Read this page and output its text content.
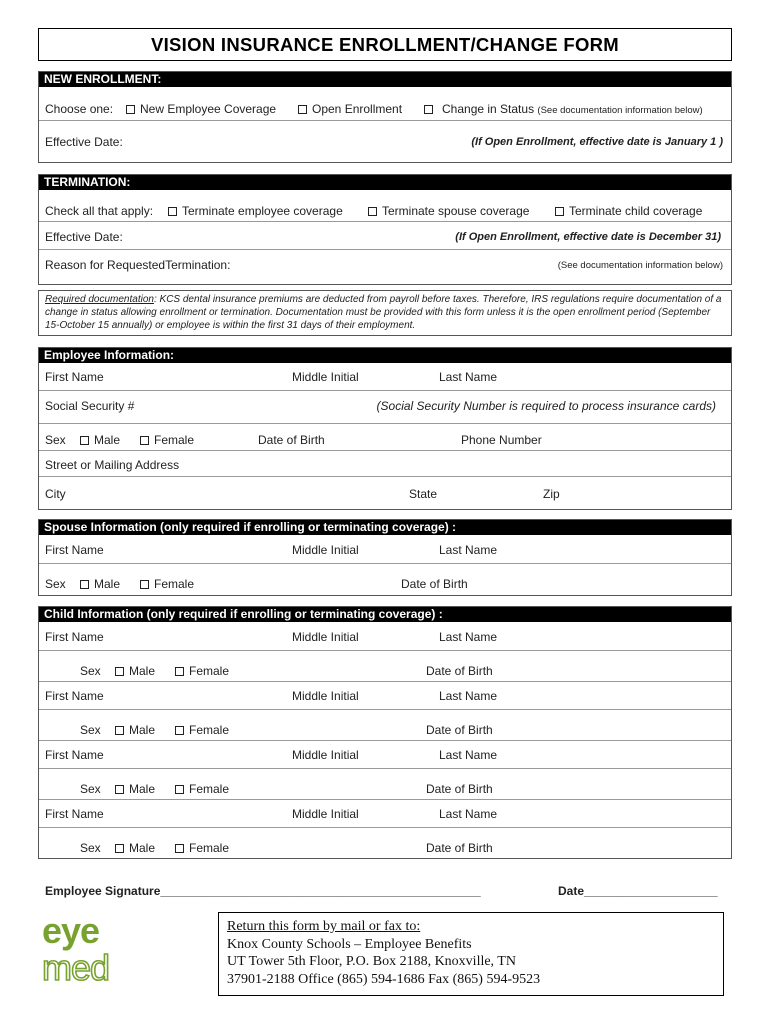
VISION INSURANCE ENROLLMENT/CHANGE FORM
NEW ENROLLMENT:
Choose one:	New Employee Coverage	Open Enrollment	Change in Status (See documentation information below)
Effective Date:	(If Open Enrollment, effective date is January 1 )
TERMINATION:
Check all that apply:	Terminate employee coverage	Terminate spouse coverage	Terminate child coverage
Effective Date:	(If Open Enrollment, effective date is December 31)
Reason for RequestedTermination:	(See documentation information below)
Required documentation: KCS dental insurance premiums are deducted from payroll before taxes. Therefore, IRS regulations require documentation of a change in status allowing enrollment or termination. Documentation must be provided with this form unless it is the open enrollment period (September 15-October 15 annually) or employee is within the first 31 days of their employment.
Employee Information:
First Name	Middle Initial	Last Name
Social Security #	(Social Security Number is required to process insurance cards)
Sex	Male	Female	Date of Birth	Phone Number
Street or Mailing Address
City	State	Zip
Spouse Information (only required if enrolling or terminating coverage) :
First Name	Middle Initial	Last Name
Sex	Male	Female	Date of Birth
Child Information (only required if enrolling or terminating coverage) :
First Name	Middle Initial	Last Name
Sex	Male	Female	Date of Birth
First Name	Middle Initial	Last Name
Sex	Male	Female	Date of Birth
First Name	Middle Initial	Last Name
Sex	Male	Female	Date of Birth
First Name	Middle Initial	Last Name
Sex	Male	Female	Date of Birth
Employee Signature________________________________________________	Date____________________
eye
med
Return this form by mail or fax to:
Knox County Schools – Employee Benefits
UT Tower 5th Floor, P.O. Box 2188, Knoxville, TN
37901-2188 Office (865) 594-1686 Fax (865) 594-9523
